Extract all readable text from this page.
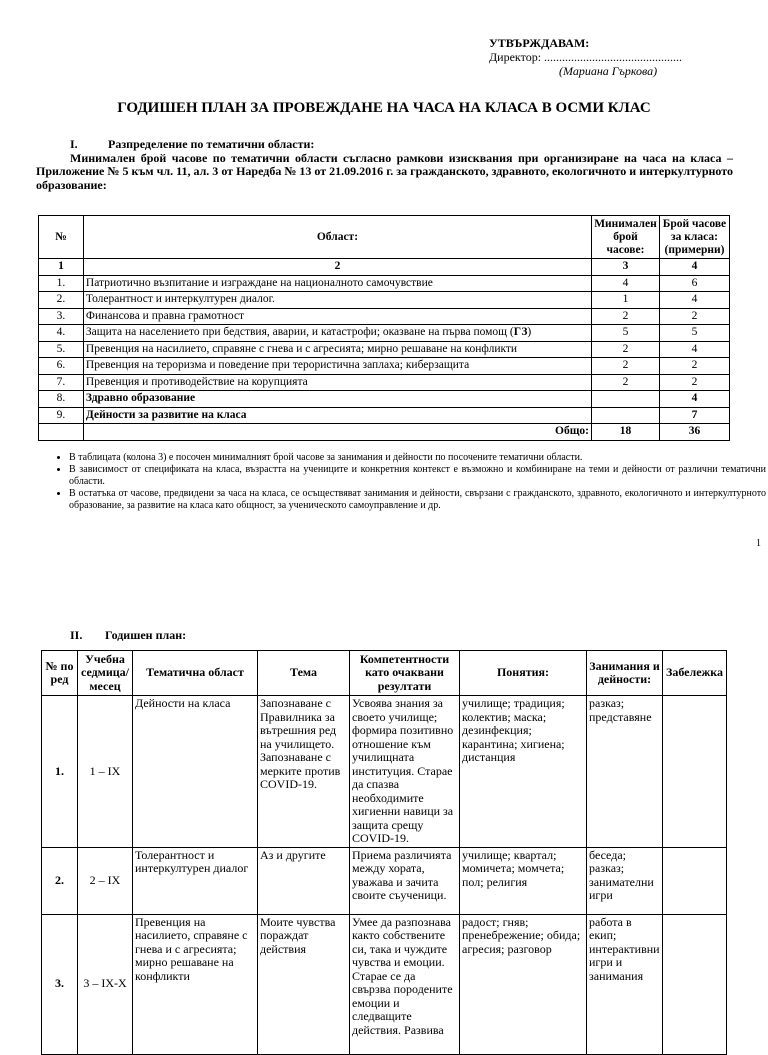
УТВЪРЖДАВАМ:
Директор: ..............................................
(Мариана Гъркова)
ГОДИШЕН ПЛАН ЗА ПРОВЕЖДАНЕ НА ЧАСА НА КЛАСА В ОСМИ КЛАС
I.	Разпределение по тематични области:
Минимален брой часове по тематични области съгласно рамкови изисквания при организиране на часа на класа – Приложение № 5 към чл. 11, ал. 3 от Наредба № 13 от 21.09.2016 г. за гражданското, здравното, екологичното и интеркултурното образование:
№	Област:	Минимален брой часове:	Брой часове за класа: (примерни)
1	2	3	4
1.	Патриотично възпитание и изграждане на националното самочувствие	4	6
2.	Толерантност и интеркултурен диалог.	1	4
3.	Финансова и правна грамотност	2	2
4.	Защита на населението при бедствия, аварии, и катастрофи; оказване на първа помощ (ГЗ)	5	5
5.	Превенция на насилието, справяне с гнева и с агресията; мирно решаване на конфликти	2	4
6.	Превенция на тероризма и поведение при терористична заплаха; киберзащита	2	2
7.	Превенция и противодействие на корупцията	2	2
8.	Здравно образование		4
9.	Дейности за развитие на класа		7
	Общо:	18	36
• В таблицата (колона 3) е посочен минималният брой часове за занимания и дейности по посочените тематични области.
• В зависимост от спецификата на класа, възрастта на учениците и конкретния контекст е възможно и комбиниране на теми и дейности от различни тематични области.
• В остатъка от часове, предвидени за часа на класа, се осъществяват занимания и дейности, свързани с гражданското, здравното, екологичното и интеркултурното образование, за развитие на класа като общност, за ученическото самоуправление и др.
1
II. Годишен план:
№ по ред	Учебна седмица/ месец	Тематична област	Тема	Компетентности като очаквани резултати	Понятия:	Занимания и дейности:	Забележка
1.	1 – IX	Дейности на класа	Запознаване с Правилника за вътрешния ред на училището. Запознаване с мерките против COVID-19.	Усвоява знания за своето училище; формира позитивно отношение към училищната институция. Старае да спазва необходимите хигиенни навици за защита срещу COVID-19.	училище; традиция; колектив; маска; дезинфекция; карантина; хигиена; дистанция	разказ; представяне	
2.	2 – IX	Толерантност и интеркултурен диалог	Аз и другите	Приема различията между хората, уважава и зачита своите съученици.	училище; квартал; момичета; момчета; пол; религия	беседа; разказ; занимателни игри	
3.	3 – IX-X	Превенция на насилието, справяне с гнева и с агресията; мирно решаване на конфликти	Моите чувства пораждат действия	Умее да разпознава както собствените си, така и чуждите чувства и емоции. Старае се да свързва породените емоции и следващите действия. Развива	радост; гняв; пренебрежение; обида; агресия; разговор	работа в екип; интерактивни игри и занимания	
